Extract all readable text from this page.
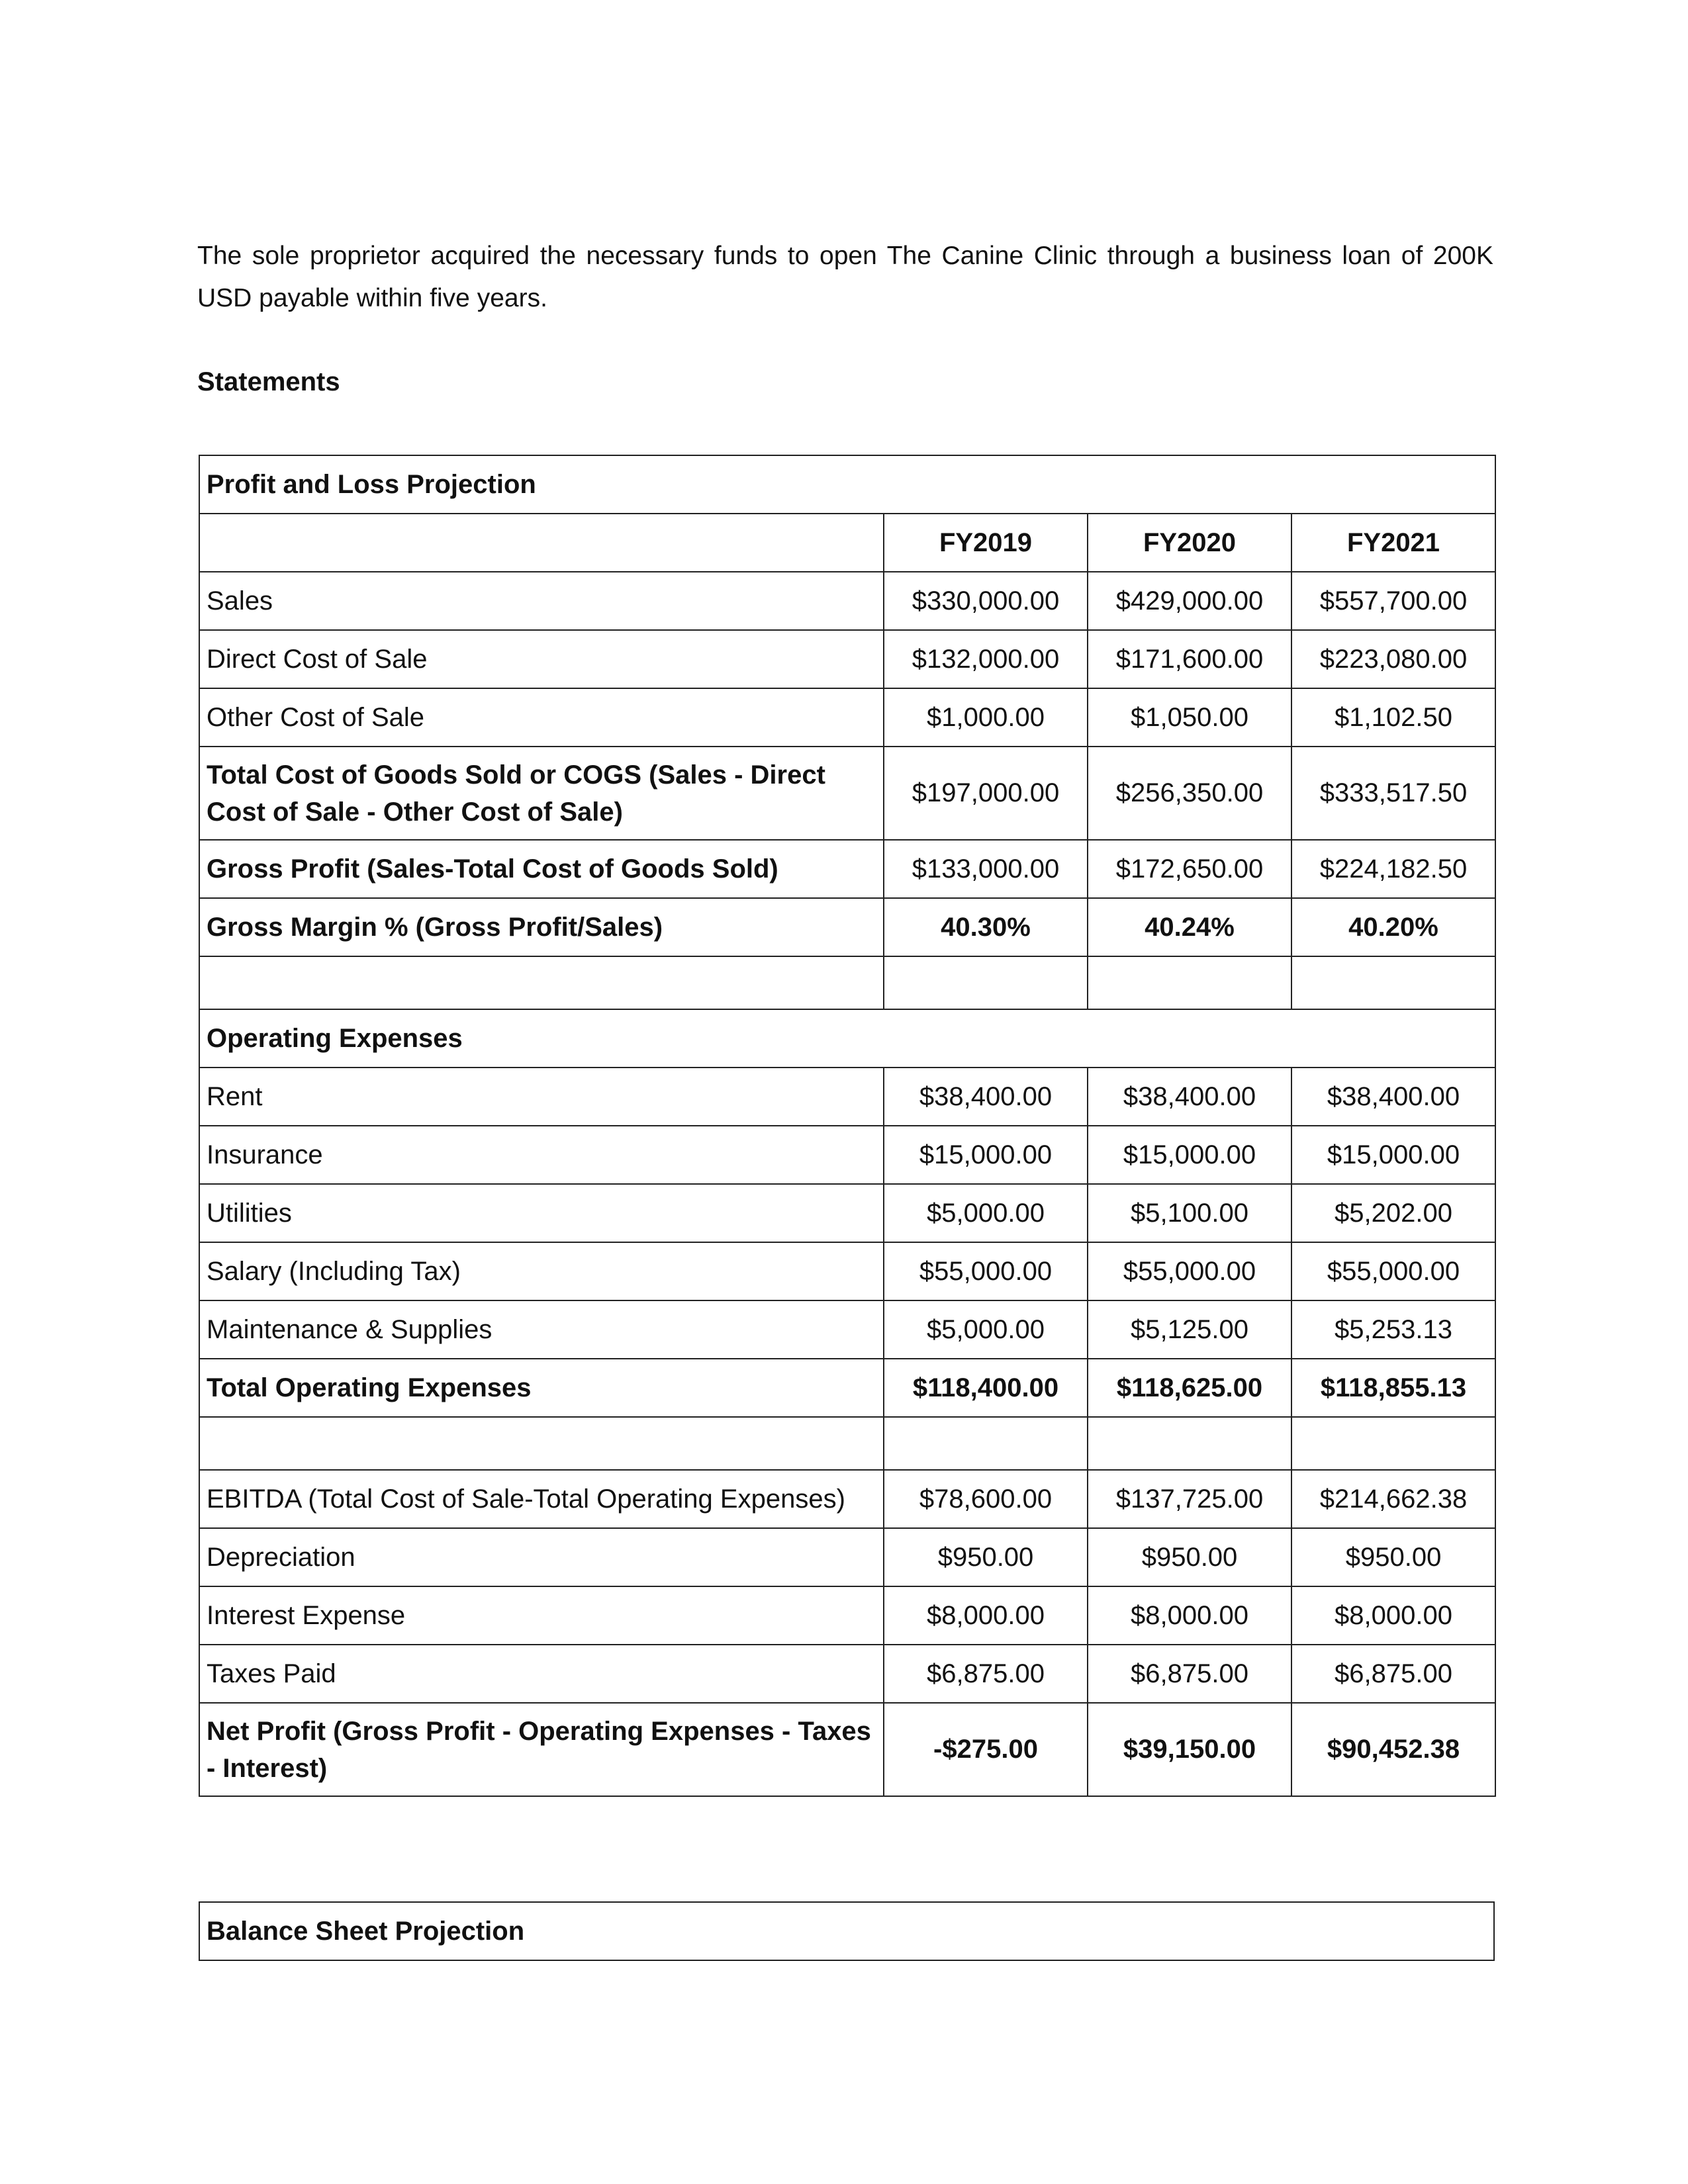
The sole proprietor acquired the necessary funds to open The Canine Clinic through a business loan of 200K USD payable within five years.

Statements
Profit and Loss Projection			
	FY2019	FY2020	FY2021
Sales	$330,000.00	$429,000.00	$557,700.00
Direct Cost of Sale	$132,000.00	$171,600.00	$223,080.00
Other Cost of Sale	$1,000.00	$1,050.00	$1,102.50
Total Cost of Goods Sold or COGS (Sales - Direct Cost of Sale - Other Cost of Sale)	$197,000.00	$256,350.00	$333,517.50
Gross Profit (Sales-Total Cost of Goods Sold)	$133,000.00	$172,650.00	$224,182.50
Gross Margin % (Gross Profit/Sales)	40.30%	40.24%	40.20%

Operating Expenses			
Rent	$38,400.00	$38,400.00	$38,400.00
Insurance	$15,000.00	$15,000.00	$15,000.00
Utilities	$5,000.00	$5,100.00	$5,202.00
Salary (Including Tax)	$55,000.00	$55,000.00	$55,000.00
Maintenance & Supplies	$5,000.00	$5,125.00	$5,253.13
Total Operating Expenses	$118,400.00	$118,625.00	$118,855.13

EBITDA (Total Cost of Sale-Total Operating Expenses)	$78,600.00	$137,725.00	$214,662.38
Depreciation	$950.00	$950.00	$950.00
Interest Expense	$8,000.00	$8,000.00	$8,000.00
Taxes Paid	$6,875.00	$6,875.00	$6,875.00
Net Profit (Gross Profit - Operating Expenses - Taxes - Interest)	-$275.00	$39,150.00	$90,452.38
Balance Sheet Projection
